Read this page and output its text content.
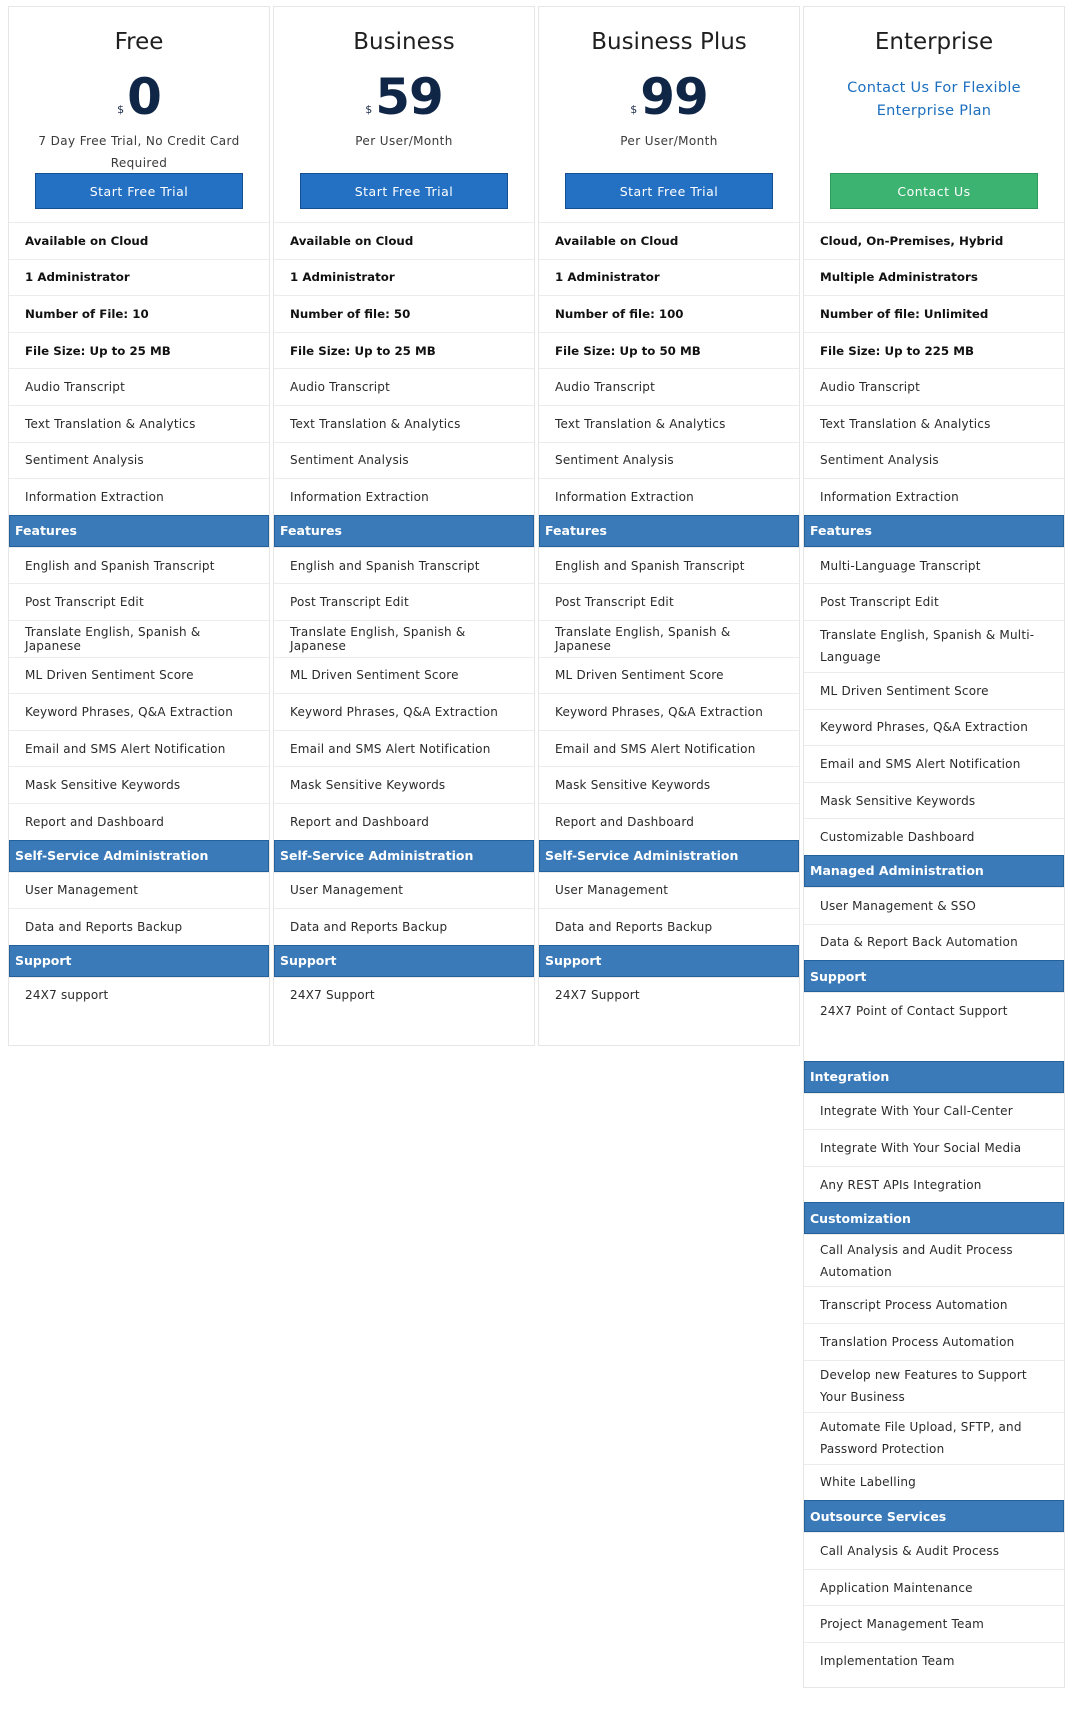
Free
$ 0
7 Day Free Trial, No Credit Card Required
Start Free Trial
Available on Cloud
1 Administrator
Number of File: 10
File Size: Up to 25 MB
Audio Transcript
Text Translation & Analytics
Sentiment Analysis
Information Extraction
Features
English and Spanish Transcript
Post Transcript Edit
Translate English, Spanish & Japanese
ML Driven Sentiment Score
Keyword Phrases, Q&A Extraction
Email and SMS Alert Notification
Mask Sensitive Keywords
Report and Dashboard
Self-Service Administration
User Management
Data and Reports Backup
Support
24X7 support
Business
$ 59
Per User/Month
Start Free Trial
Available on Cloud
1 Administrator
Number of file: 50
File Size: Up to 25 MB
Audio Transcript
Text Translation & Analytics
Sentiment Analysis
Information Extraction
Features
English and Spanish Transcript
Post Transcript Edit
Translate English, Spanish & Japanese
ML Driven Sentiment Score
Keyword Phrases, Q&A Extraction
Email and SMS Alert Notification
Mask Sensitive Keywords
Report and Dashboard
Self-Service Administration
User Management
Data and Reports Backup
Support
24X7 Support
Business Plus
$ 99
Per User/Month
Start Free Trial
Available on Cloud
1 Administrator
Number of file: 100
File Size: Up to 50 MB
Audio Transcript
Text Translation & Analytics
Sentiment Analysis
Information Extraction
Features
English and Spanish Transcript
Post Transcript Edit
Translate English, Spanish & Japanese
ML Driven Sentiment Score
Keyword Phrases, Q&A Extraction
Email and SMS Alert Notification
Mask Sensitive Keywords
Report and Dashboard
Self-Service Administration
User Management
Data and Reports Backup
Support
24X7 Support
Enterprise
Contact Us For Flexible Enterprise Plan
Contact Us
Cloud, On-Premises, Hybrid
Multiple Administrators
Number of file: Unlimited
File Size: Up to 225 MB
Audio Transcript
Text Translation & Analytics
Sentiment Analysis
Information Extraction
Features
Multi-Language Transcript
Post Transcript Edit
Translate English, Spanish & Multi-Language
ML Driven Sentiment Score
Keyword Phrases, Q&A Extraction
Email and SMS Alert Notification
Mask Sensitive Keywords
Customizable Dashboard
Managed Administration
User Management & SSO
Data & Report Back Automation
Support
24X7 Point of Contact Support
Integration
Integrate With Your Call-Center
Integrate With Your Social Media
Any REST APIs Integration
Customization
Call Analysis and Audit Process Automation
Transcript Process Automation
Translation Process Automation
Develop new Features to Support Your Business
Automate File Upload, SFTP, and Password Protection
White Labelling
Outsource Services
Call Analysis & Audit Process
Application Maintenance
Project Management Team
Implementation Team
